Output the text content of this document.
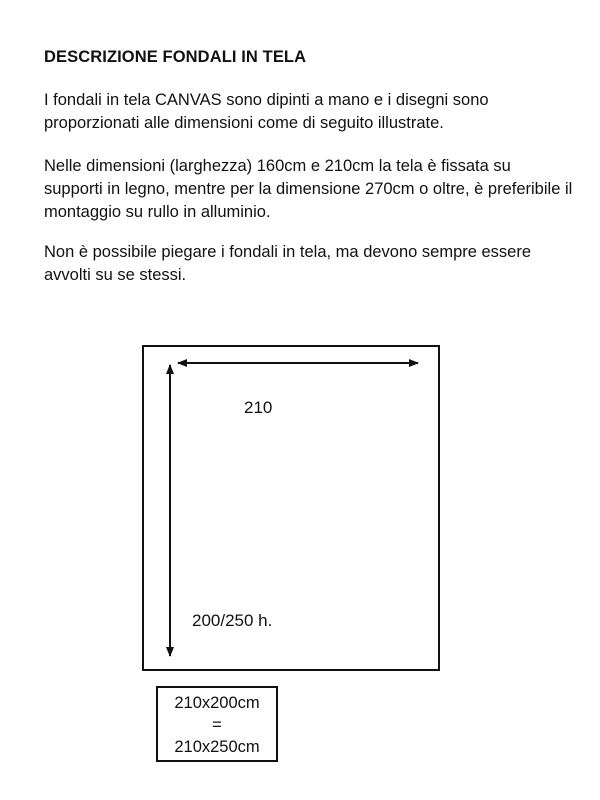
DESCRIZIONE FONDALI IN TELA

I fondali in tela CANVAS sono dipinti a mano e i disegni sono proporzionati alle dimensioni come di seguito illustrate.

Nelle dimensioni (larghezza) 160cm e 210cm la tela è fissata su supporti in legno, mentre per la dimensione 270cm o oltre, è preferibile il montaggio su rullo in alluminio.

Non è possibile piegare i fondali in tela, ma devono sempre essere avvolti su se stessi.

210
200/250 h.
210x200cm
=
210x250cm
